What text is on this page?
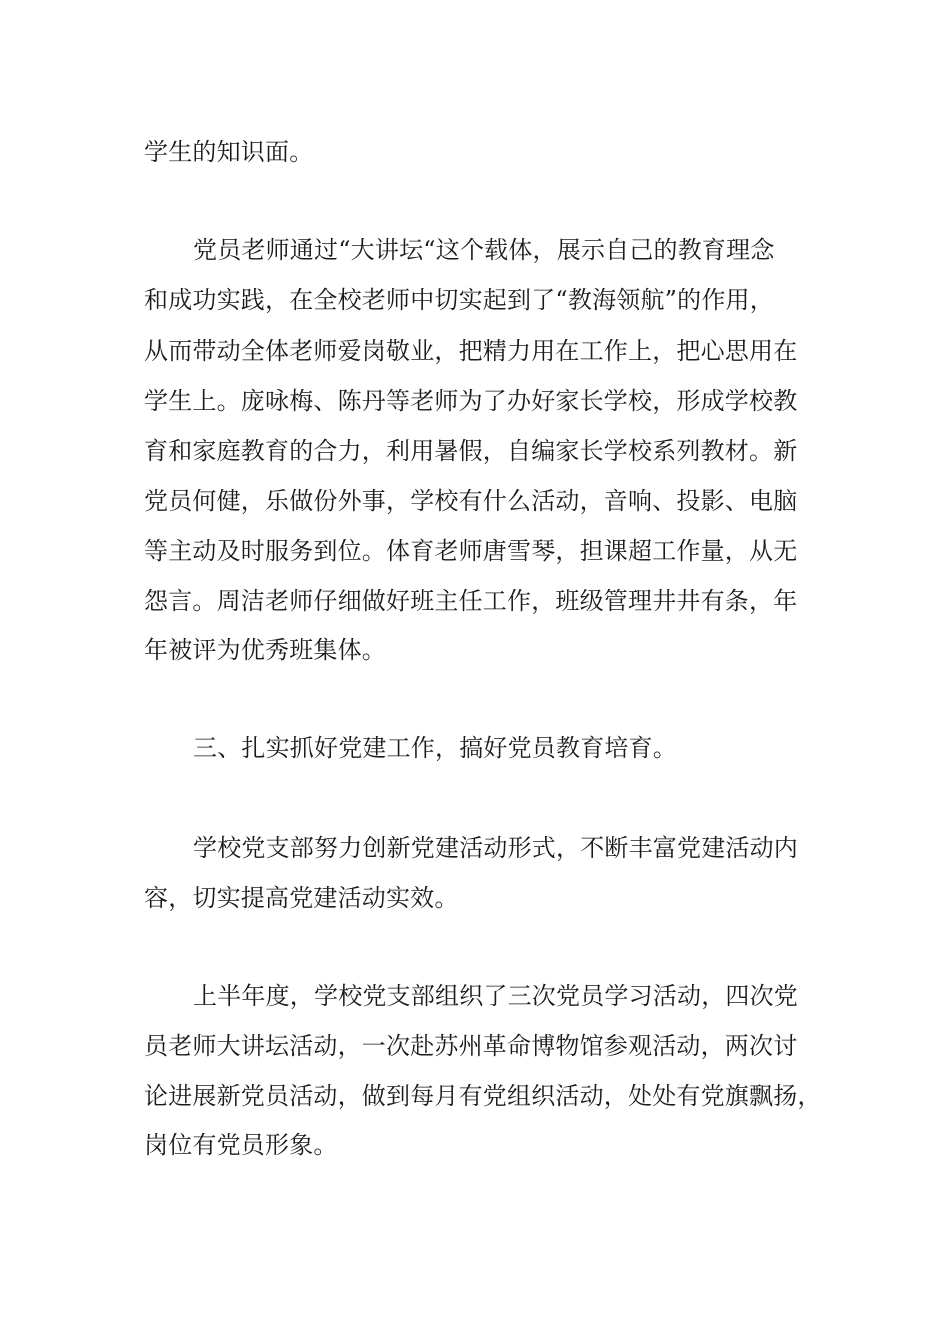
学生的知识面。
党员老师通过“大讲坛“这个载体，展示自己的教育理念
和成功实践，在全校老师中切实起到了“教海领航”的作用，
从而带动全体老师爱岗敬业，把精力用在工作上，把心思用在
学生上。庞咏梅、陈丹等老师为了办好家长学校，形成学校教
育和家庭教育的合力，利用暑假，自编家长学校系列教材。新
党员何健，乐做份外事，学校有什么活动，音响、投影、电脑
等主动及时服务到位。体育老师唐雪琴，担课超工作量，从无
怨言。周洁老师仔细做好班主任工作，班级管理井井有条，年
年被评为优秀班集体。
三、扎实抓好党建工作，搞好党员教育培育。
学校党支部努力创新党建活动形式，不断丰富党建活动内
容，切实提高党建活动实效。
上半年度，学校党支部组织了三次党员学习活动，四次党
员老师大讲坛活动，一次赴苏州革命博物馆参观活动，两次讨
论进展新党员活动，做到每月有党组织活动，处处有党旗飘扬，
岗位有党员形象。
